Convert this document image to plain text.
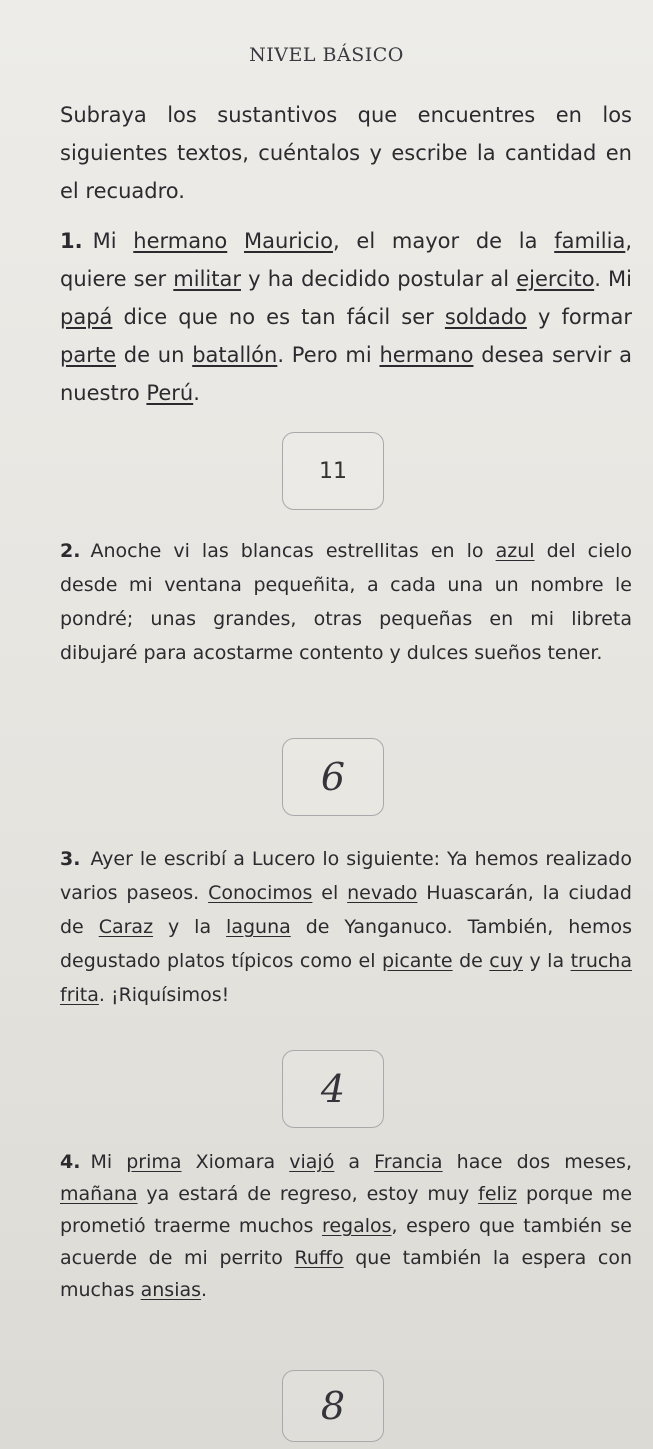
NIVEL BÁSICO
Subraya los sustantivos que encuentres en los siguientes textos, cuéntalos y escribe la cantidad en el recuadro.
1. Mi hermano Mauricio, el mayor de la familia, quiere ser militar y ha decidido postular al ejercito. Mi papá dice que no es tan fácil ser soldado y formar parte de un batallón. Pero mi hermano desea servir a nuestro Perú.
11
2. Anoche vi las blancas estrellitas en lo azul del cielo desde mi ventana pequeñita, a cada una un nombre le pondré; unas grandes, otras pequeñas en mi libreta dibujaré para acostarme contento y dulces sueños tener.
6
3. Ayer le escribí a Lucero lo siguiente: Ya hemos realizado varios paseos. Conocimos el nevado Huascarán, la ciudad de Caraz y la laguna de Yanganuco. También, hemos degustado platos típicos como el picante de cuy y la trucha frita. ¡Riquísimos!
4
4. Mi prima Xiomara viajó a Francia hace dos meses, mañana ya estará de regreso, estoy muy feliz porque me prometió traerme muchos regalos, espero que también se acuerde de mi perrito Ruffo que también la espera con muchas ansias.
8
